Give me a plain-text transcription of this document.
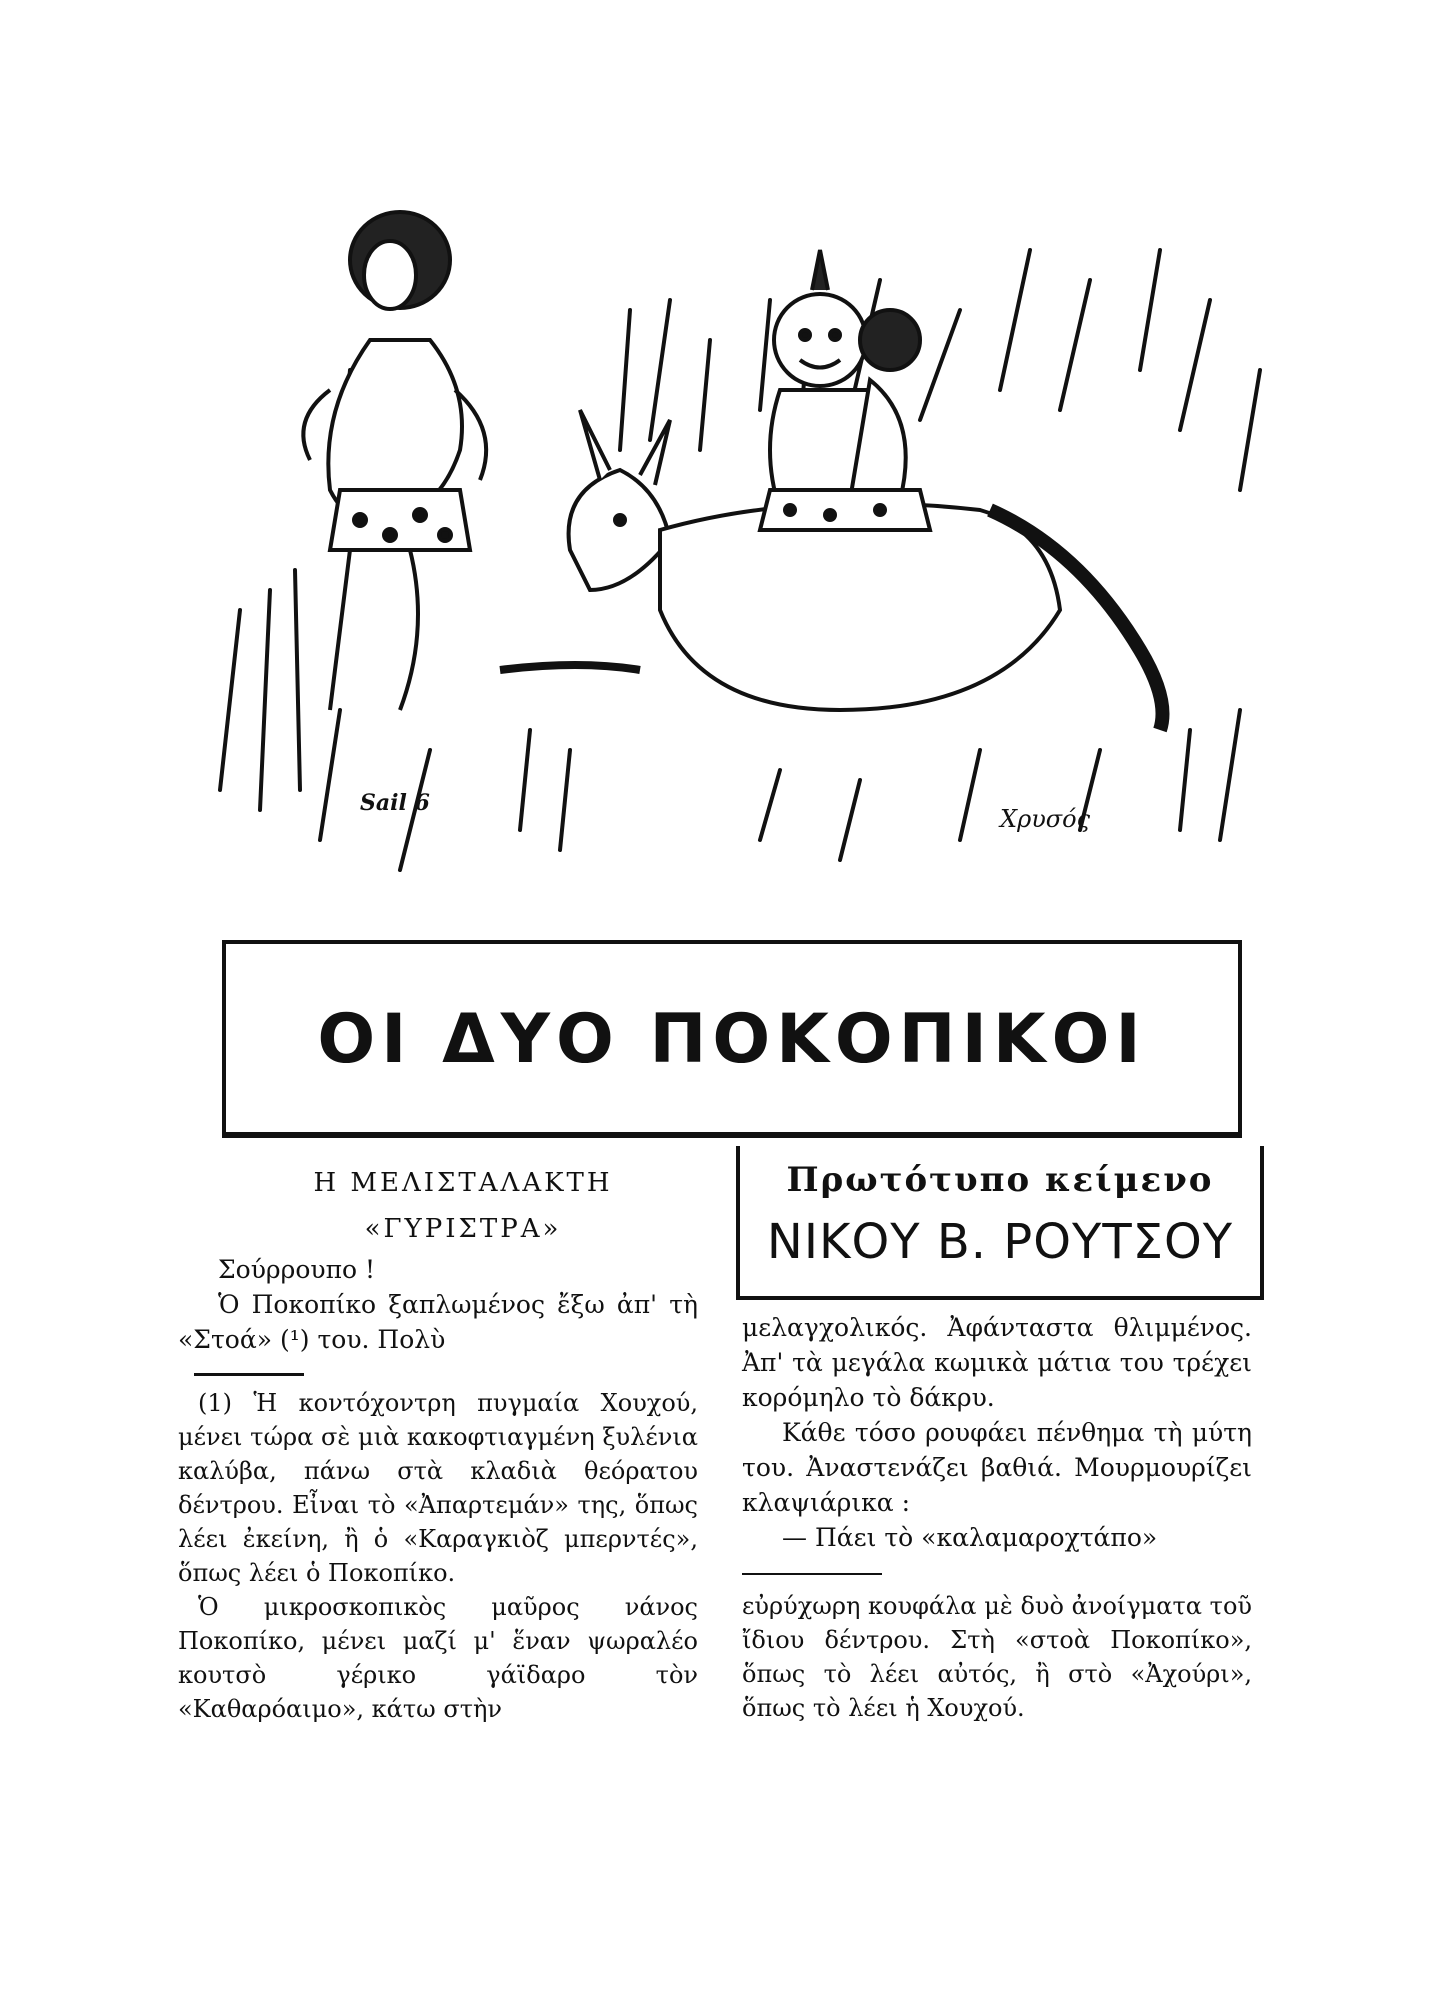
Sail 6
Χρυσός
ΟΙ ΔΥΟ ΠΟΚΟΠΙΚΟΙ
Η ΜΕΛΙΣΤΑΛΑΚΤΗ
«ΓΥΡΙΣΤΡΑ»
Πρωτότυπο κείμενο
ΝΙΚΟΥ Β. ΡΟΥΤΣΟΥ

Σούρρουπο !

Ὁ Ποκοπίκο ξαπλωμένος ἔξω ἀπ' τὴ «Στοά» (¹) του. Πολὺ

(1) Ἡ κοντόχοντρη πυγμαία Χουχού, μένει τώρα σὲ μιὰ κακοφτιαγμένη ξυλένια καλύβα, πάνω στὰ κλαδιὰ θεόρατου δέντρου. Εἶναι τὸ «Ἀπαρτεμάν» της, ὅπως λέει ἐκείνη, ἢ ὁ «Καραγκιὸζ μπερντές», ὅπως λέει ὁ Ποκοπίκο.

Ὁ μικροσκοπικὸς μαῦρος νάνος Ποκοπίκο, μένει μαζί μ' ἕναν ψωραλέο κουτσὸ γέρικο γάϊδαρο τὸν «Καθαρόαιμο», κάτω στὴν

μελαγχολικός. Ἀφάνταστα θλιμμένος. Ἀπ' τὰ μεγάλα κωμικὰ μάτια του τρέχει κορόμηλο τὸ δάκρυ.

Κάθε τόσο ρουφάει πένθημα τὴ μύτη του. Ἀναστενάζει βαθιά. Μουρμουρίζει κλαψιάρικα :

— Πάει τὸ «καλαμαροχτάπο»

εὐρύχωρη κουφάλα μὲ δυὸ ἀνοίγματα τοῦ ἴδιου δέντρου. Στὴ «στοὰ Ποκοπίκο», ὅπως τὸ λέει αὐτός, ἢ στὸ «Ἀχούρι», ὅπως τὸ λέει ἡ Χουχού.
